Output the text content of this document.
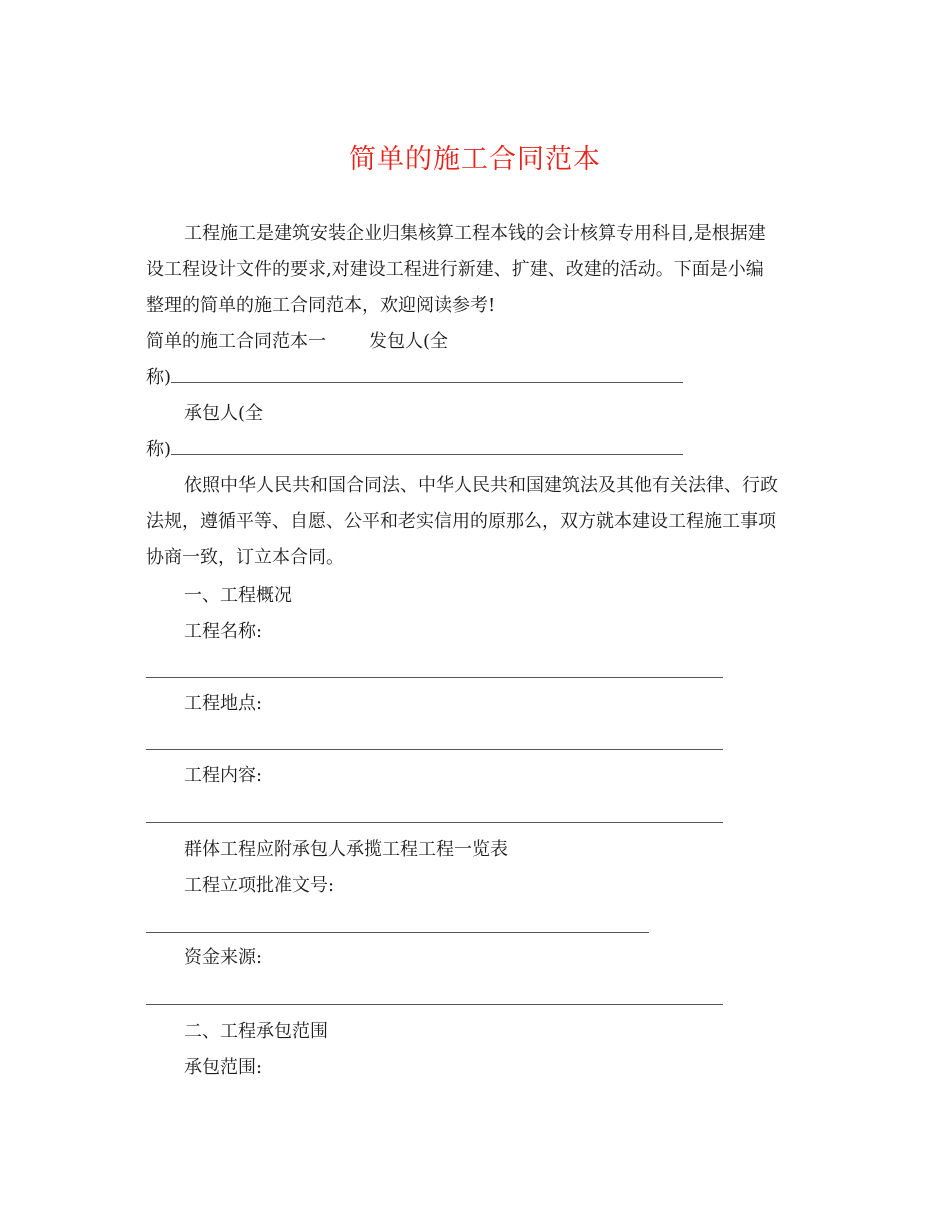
简单的施工合同范本
工程施工是建筑安装企业归集核算工程本钱的会计核算专用科目,是根据建
设工程设计文件的要求,对建设工程进行新建、扩建、改建的活动。下面是小编
整理的简单的施工合同范本，欢迎阅读参考!
简单的施工合同范本一 发包人(全
称)
承包人(全
称)
依照中华人民共和国合同法、中华人民共和国建筑法及其他有关法律、行政
法规，遵循平等、自愿、公平和老实信用的原那么，双方就本建设工程施工事项
协商一致，订立本合同。
一、工程概况
工程名称:
工程地点:
工程内容:
群体工程应附承包人承揽工程工程一览表
工程立项批准文号:
资金来源:
二、工程承包范围
承包范围:
